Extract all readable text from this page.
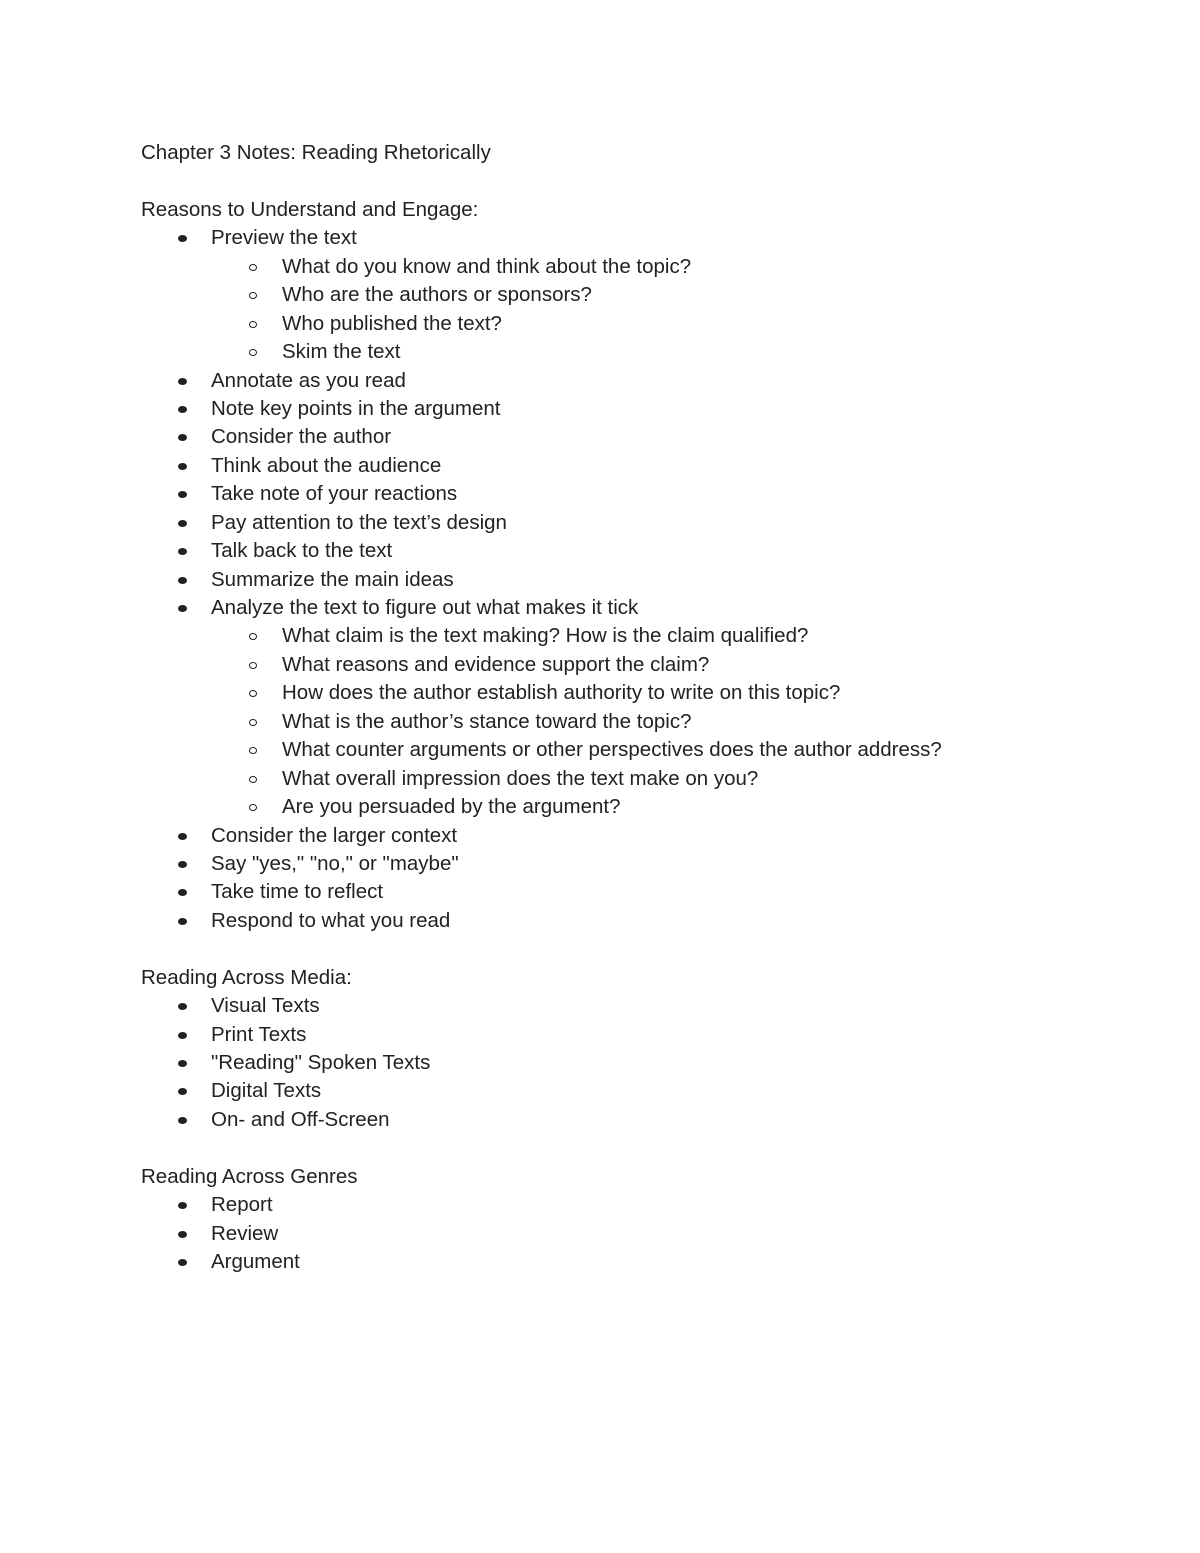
Chapter 3 Notes: Reading Rhetorically
Reasons to Understand and Engage:
Preview the text
What do you know and think about the topic?
Who are the authors or sponsors?
Who published the text?
Skim the text
Annotate as you read
Note key points in the argument
Consider the author
Think about the audience
Take note of your reactions
Pay attention to the text’s design
Talk back to the text
Summarize the main ideas
Analyze the text to figure out what makes it tick
What claim is the text making? How is the claim qualified?
What reasons and evidence support the claim?
How does the author establish authority to write on this topic?
What is the author’s stance toward the topic?
What counter arguments or other perspectives does the author address?
What overall impression does the text make on you?
Are you persuaded by the argument?
Consider the larger context
Say "yes," "no," or "maybe"
Take time to reflect
Respond to what you read
Reading Across Media:
Visual Texts
Print Texts
"Reading" Spoken Texts
Digital Texts
On- and Off-Screen
Reading Across Genres
Report
Review
Argument
